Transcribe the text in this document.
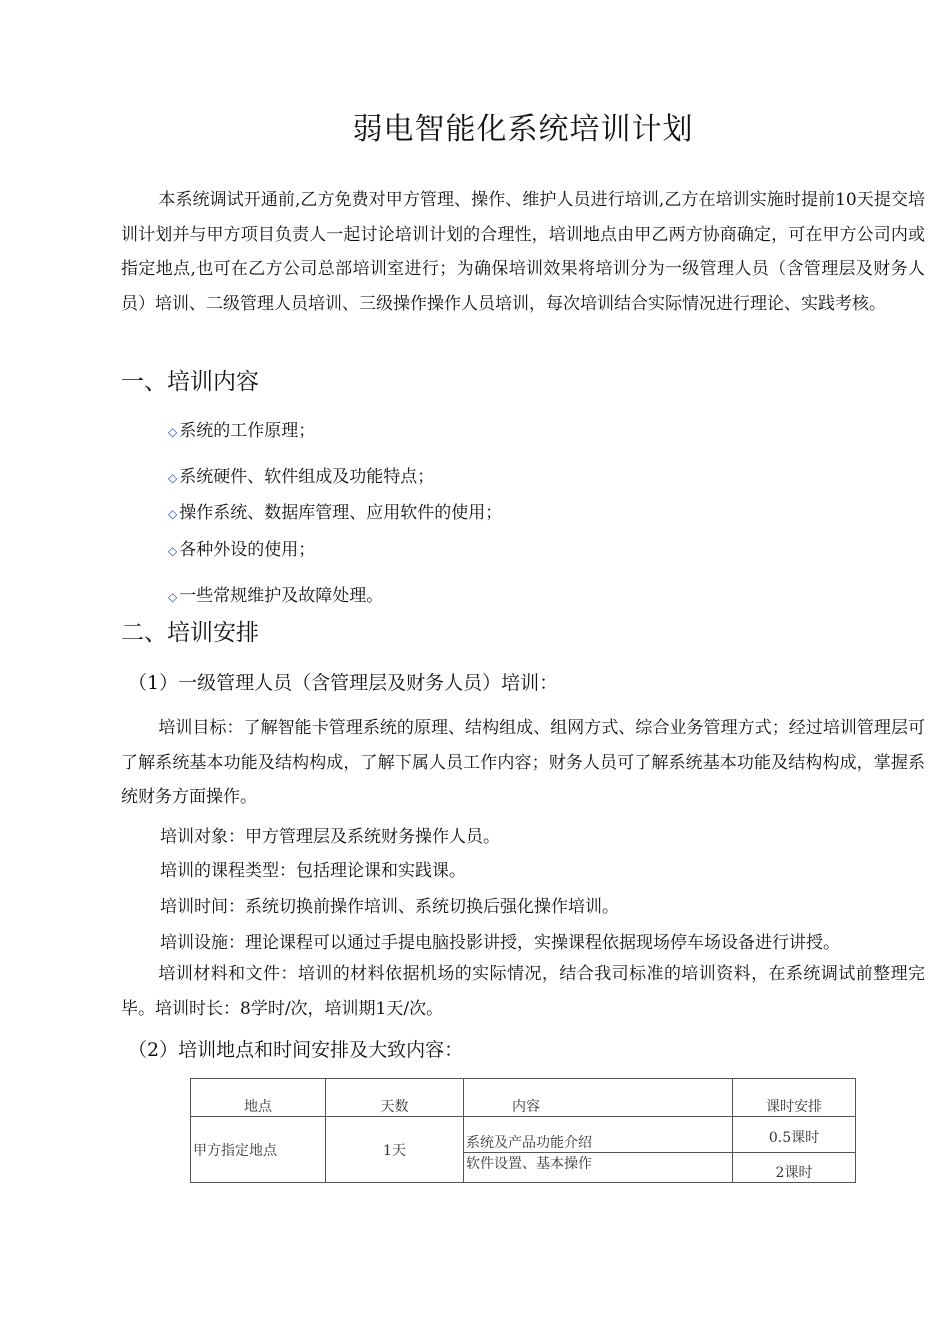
弱电智能化系统培训计划

本系统调试开通前,乙方免费对甲方管理、操作、维护人员进行培训,乙方在培训实施时提前10天提交培训计划并与甲方项目负责人一起讨论培训计划的合理性，培训地点由甲乙两方协商确定，可在甲方公司内或指定地点,也可在乙方公司总部培训室进行；为确保培训效果将培训分为一级管理人员（含管理层及财务人员）培训、二级管理人员培训、三级操作操作人员培训，每次培训结合实际情况进行理论、实践考核。

一、培训内容
◇ 系统的工作原理；
◇ 系统硬件、软件组成及功能特点；
◇ 操作系统、数据库管理、应用软件的使用；
◇ 各种外设的使用；
◇ 一些常规维护及故障处理。
二、培训安排
（1）一级管理人员（含管理层及财务人员）培训：

培训目标：了解智能卡管理系统的原理、结构组成、组网方式、综合业务管理方式；经过培训管理层可了解系统基本功能及结构构成，了解下属人员工作内容；财务人员可了解系统基本功能及结构构成，掌握系统财务方面操作。

培训对象：甲方管理层及系统财务操作人员。
培训的课程类型：包括理论课和实践课。
培训时间：系统切换前操作培训、系统切换后强化操作培训。
培训设施：理论课程可以通过手提电脑投影讲授，实操课程依据现场停车场设备进行讲授。

培训材料和文件：培训的材料依据机场的实际情况，结合我司标准的培训资料，在系统调试前整理完毕。培训时长：8学时/次，培训期1天/次。

（2）培训地点和时间安排及大致内容：
地点	天数	内容	课时安排
甲方指定地点	1天	系统及产品功能介绍	0.5课时
		软件设置、基本操作	2课时
